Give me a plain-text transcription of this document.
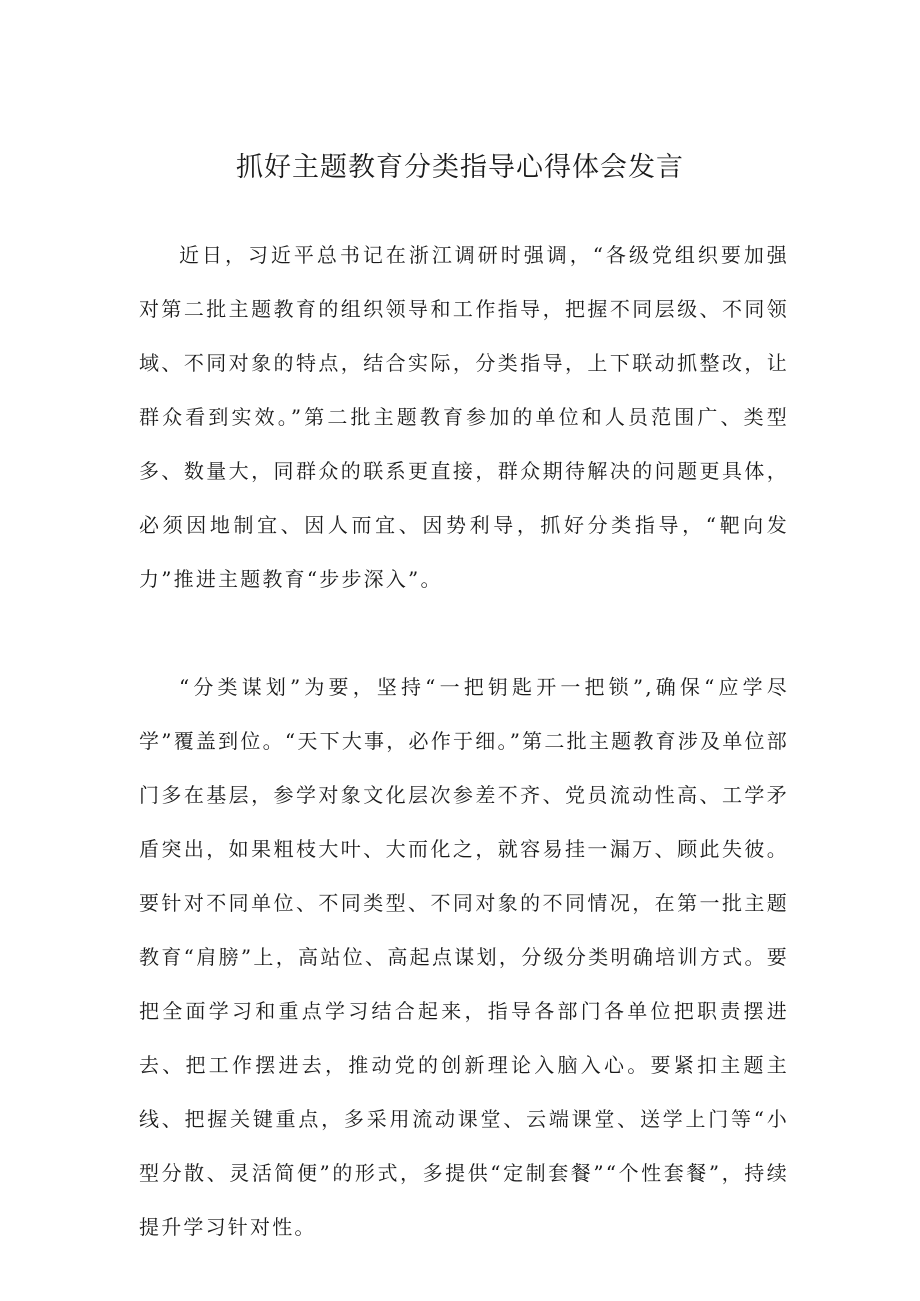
抓好主题教育分类指导心得体会发言

近日，习近平总书记在浙江调研时强调，“各级党组织要加强对第二批主题教育的组织领导和工作指导，把握不同层级、不同领域、不同对象的特点，结合实际，分类指导，上下联动抓整改，让群众看到实效。”第二批主题教育参加的单位和人员范围广、类型多、数量大，同群众的联系更直接，群众期待解决的问题更具体，必须因地制宜、因人而宜、因势利导，抓好分类指导，“靶向发力”推进主题教育“步步深入”。

“分类谋划”为要，坚持“一把钥匙开一把锁”,确保“应学尽学”覆盖到位。“天下大事，必作于细。”第二批主题教育涉及单位部门多在基层，参学对象文化层次参差不齐、党员流动性高、工学矛盾突出，如果粗枝大叶、大而化之，就容易挂一漏万、顾此失彼。要针对不同单位、不同类型、不同对象的不同情况，在第一批主题教育“肩膀”上，高站位、高起点谋划，分级分类明确培训方式。要把全面学习和重点学习结合起来，指导各部门各单位把职责摆进去、把工作摆进去，推动党的创新理论入脑入心。要紧扣主题主线、把握关键重点，多采用流动课堂、云端课堂、送学上门等“小型分散、灵活简便”的形式，多提供“定制套餐”“个性套餐”，持续提升学习针对性。
